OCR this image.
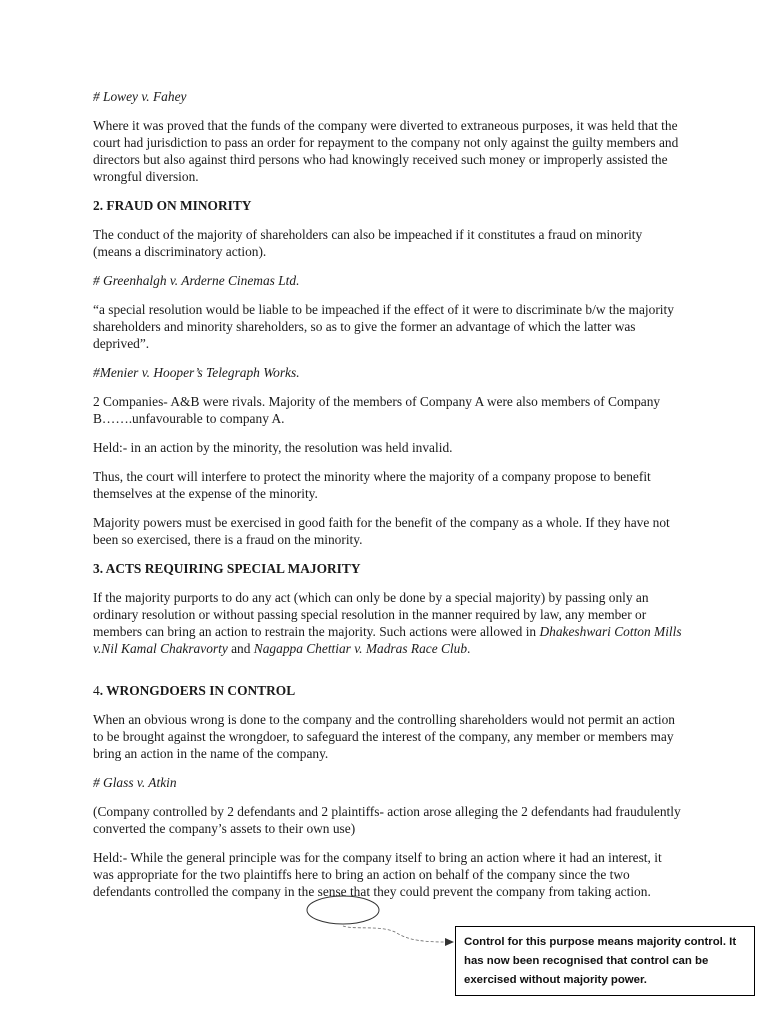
# Lowey v. Fahey

Where it was proved that the funds of the company were diverted to extraneous purposes, it was held that the court had jurisdiction to pass an order for repayment to the company not only against the guilty members and directors but also against third persons who had knowingly received such money or improperly assisted the wrongful diversion.

2. FRAUD ON MINORITY

The conduct of the majority of shareholders can also be impeached if it constitutes a fraud on minority (means a discriminatory action).

# Greenhalgh v. Arderne Cinemas Ltd.

“a special resolution would be liable to be impeached if the effect of it were to discriminate b/w the majority shareholders and minority shareholders, so as to give the former an advantage of which the latter was deprived”.

#Menier v. Hooper’s Telegraph Works.

2 Companies- A&B were rivals. Majority of the members of Company A were also members of Company B…….unfavourable to company A.

Held:- in an action by the minority, the resolution was held invalid.

Thus, the court will interfere to protect the minority where the majority of a company propose to benefit themselves at the expense of the minority.

Majority powers must be exercised in good faith for the benefit of the company as a whole. If they have not been so exercised, there is a fraud on the minority.

3. ACTS REQUIRING SPECIAL MAJORITY

If the majority purports to do any act (which can only be done by a special majority) by passing only an ordinary resolution or without passing special resolution in the manner required by law, any member or members can bring an action to restrain the majority. Such actions were allowed in Dhakeshwari Cotton Mills v.Nil Kamal Chakravorty and Nagappa Chettiar v. Madras Race Club.

4. WRONGDOERS IN CONTROL

When an obvious wrong is done to the company and the controlling shareholders would not permit an action to be brought against the wrongdoer, to safeguard the interest of the company, any member or members may bring an action in the name of the company.

# Glass v. Atkin

(Company controlled by 2 defendants and 2 plaintiffs- action arose alleging the 2 defendants had fraudulently converted the company’s assets to their own use)

Held:- While the general principle was for the company itself to bring an action where it had an interest, it was appropriate for the two plaintiffs here to bring an action on behalf of the company since the two defendants controlled the company in the sense that they could prevent the company from taking action.

Control for this purpose means majority control. It has now been recognised that control can be exercised without majority power.
